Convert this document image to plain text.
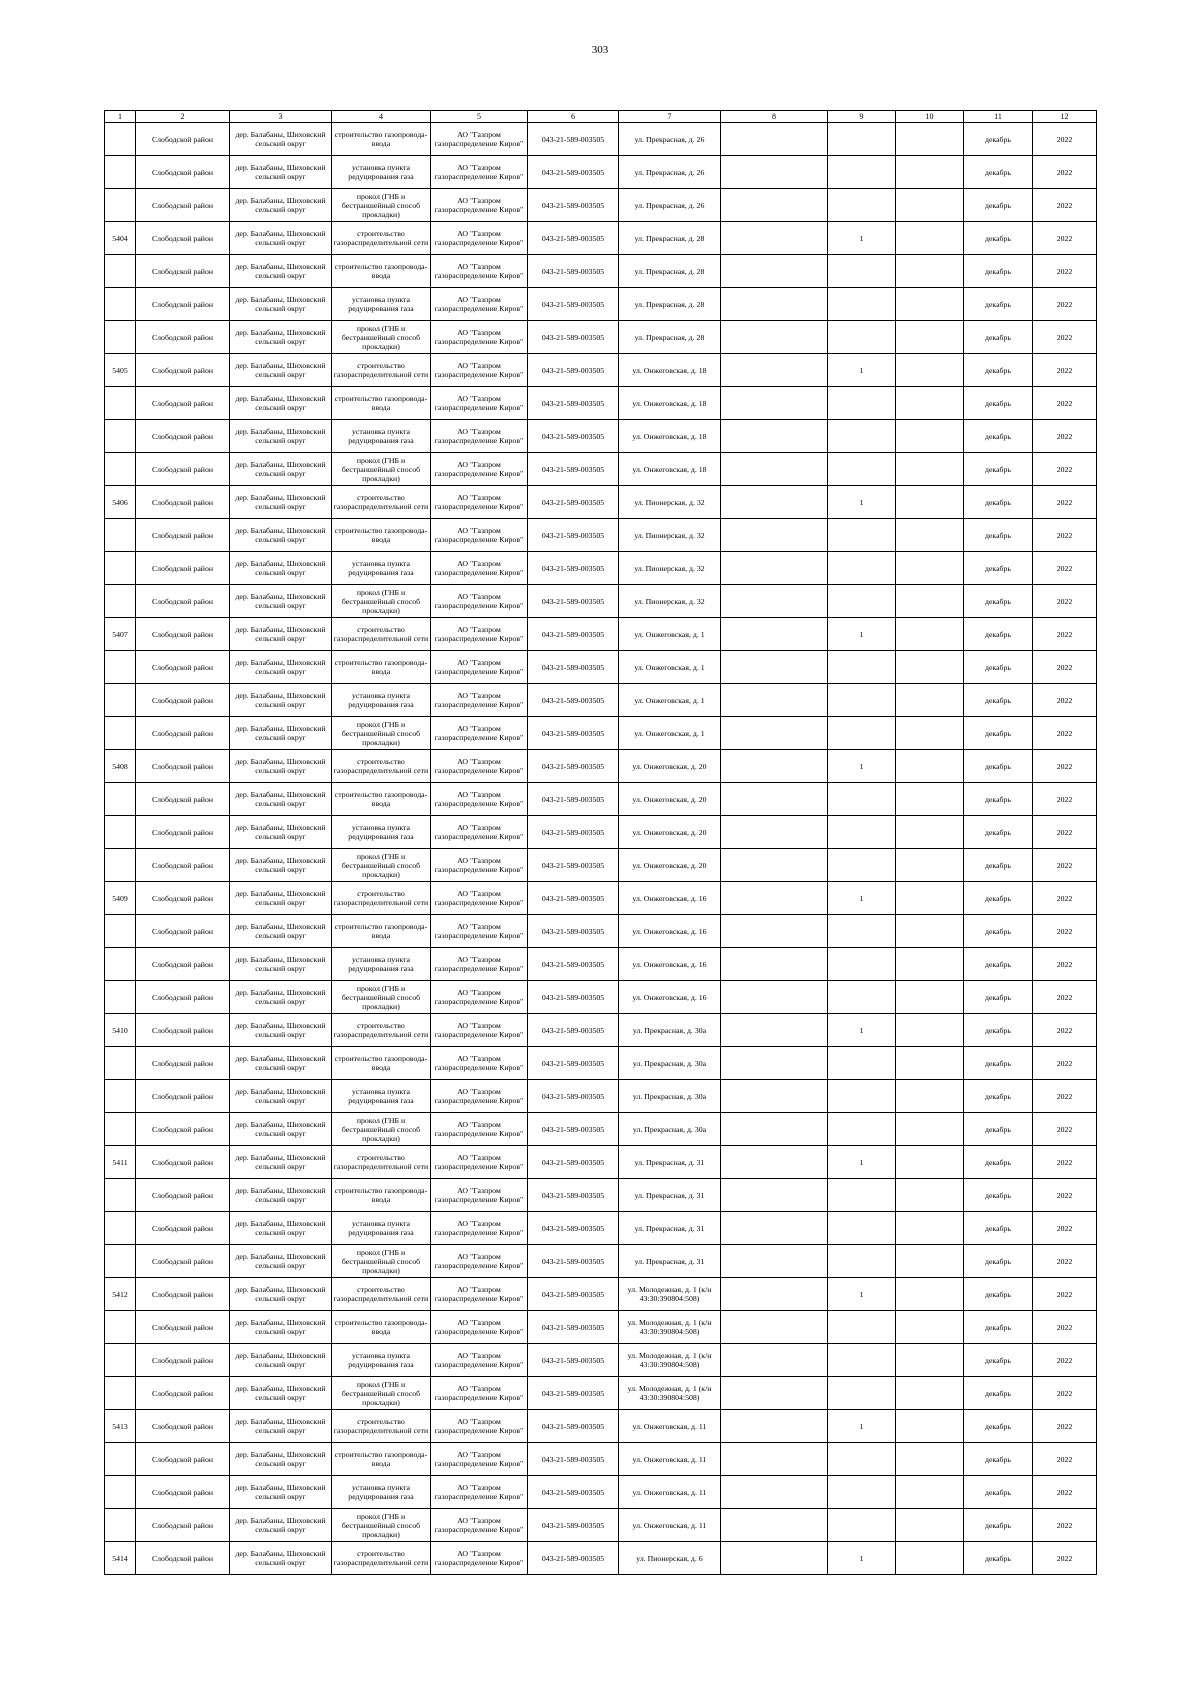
303
1	2	3	4	5	6	7	8	9	10	11	12

	Слободской район	дер. Балабаны, Шиховский сельский округ	строительство газопровода-ввода	АО "Газпром газораспределение Киров"	043-21-589-003505	ул. Прекрасная, д. 26				декабрь	2022

	Слободской район	дер. Балабаны, Шиховский сельский округ	установка пункта редуцирования газа	АО "Газпром газораспределение Киров"	043-21-589-003505	ул. Прекрасная, д. 26				декабрь	2022

	Слободской район	дер. Балабаны, Шиховский сельский округ	прокол (ГНБ и бестраншейный способ прокладки)	АО "Газпром газораспределение Киров"	043-21-589-003505	ул. Прекрасная, д. 26				декабрь	2022

5404	Слободской район	дер. Балабаны, Шиховский сельский округ	строительство газораспределительной сети	АО "Газпром газораспределение Киров"	043-21-589-003505	ул. Прекрасная, д. 28		1		декабрь	2022

	Слободской район	дер. Балабаны, Шиховский сельский округ	строительство газопровода-ввода	АО "Газпром газораспределение Киров"	043-21-589-003505	ул. Прекрасная, д. 28				декабрь	2022

	Слободской район	дер. Балабаны, Шиховский сельский округ	установка пункта редуцирования газа	АО "Газпром газораспределение Киров"	043-21-589-003505	ул. Прекрасная, д. 28				декабрь	2022

	Слободской район	дер. Балабаны, Шиховский сельский округ	прокол (ГНБ и бестраншейный способ прокладки)	АО "Газпром газораспределение Киров"	043-21-589-003505	ул. Прекрасная, д. 28				декабрь	2022

5405	Слободской район	дер. Балабаны, Шиховский сельский округ	строительство газораспределительной сети	АО "Газпром газораспределение Киров"	043-21-589-003505	ул. Онжеговская, д. 18		1		декабрь	2022

	Слободской район	дер. Балабаны, Шиховский сельский округ	строительство газопровода-ввода	АО "Газпром газораспределение Киров"	043-21-589-003505	ул. Онжеговская, д. 18				декабрь	2022

	Слободской район	дер. Балабаны, Шиховский сельский округ	установка пункта редуцирования газа	АО "Газпром газораспределение Киров"	043-21-589-003505	ул. Онжеговская, д. 18				декабрь	2022

	Слободской район	дер. Балабаны, Шиховский сельский округ	прокол (ГНБ и бестраншейный способ прокладки)	АО "Газпром газораспределение Киров"	043-21-589-003505	ул. Онжеговская, д. 18				декабрь	2022

5406	Слободской район	дер. Балабаны, Шиховский сельский округ	строительство газораспределительной сети	АО "Газпром газораспределение Киров"	043-21-589-003505	ул. Пионерская, д. 32		1		декабрь	2022

	Слободской район	дер. Балабаны, Шиховский сельский округ	строительство газопровода-ввода	АО "Газпром газораспределение Киров"	043-21-589-003505	ул. Пионерская, д. 32				декабрь	2022

	Слободской район	дер. Балабаны, Шиховский сельский округ	установка пункта редуцирования газа	АО "Газпром газораспределение Киров"	043-21-589-003505	ул. Пионерская, д. 32				декабрь	2022

	Слободской район	дер. Балабаны, Шиховский сельский округ	прокол (ГНБ и бестраншейный способ прокладки)	АО "Газпром газораспределение Киров"	043-21-589-003505	ул. Пионерская, д. 32				декабрь	2022

5407	Слободской район	дер. Балабаны, Шиховский сельский округ	строительство газораспределительной сети	АО "Газпром газораспределение Киров"	043-21-589-003505	ул. Онжеговская, д. 1		1		декабрь	2022

	Слободской район	дер. Балабаны, Шиховский сельский округ	строительство газопровода-ввода	АО "Газпром газораспределение Киров"	043-21-589-003505	ул. Онжеговская, д. 1				декабрь	2022

	Слободской район	дер. Балабаны, Шиховский сельский округ	установка пункта редуцирования газа	АО "Газпром газораспределение Киров"	043-21-589-003505	ул. Онжеговская, д. 1				декабрь	2022

	Слободской район	дер. Балабаны, Шиховский сельский округ	прокол (ГНБ и бестраншейный способ прокладки)	АО "Газпром газораспределение Киров"	043-21-589-003505	ул. Онжеговская, д. 1				декабрь	2022

5408	Слободской район	дер. Балабаны, Шиховский сельский округ	строительство газораспределительной сети	АО "Газпром газораспределение Киров"	043-21-589-003505	ул. Онжеговская, д. 20		1		декабрь	2022

	Слободской район	дер. Балабаны, Шиховский сельский округ	строительство газопровода-ввода	АО "Газпром газораспределение Киров"	043-21-589-003505	ул. Онжеговская, д. 20				декабрь	2022

	Слободской район	дер. Балабаны, Шиховский сельский округ	установка пункта редуцирования газа	АО "Газпром газораспределение Киров"	043-21-589-003505	ул. Онжеговская, д. 20				декабрь	2022

	Слободской район	дер. Балабаны, Шиховский сельский округ	прокол (ГНБ и бестраншейный способ прокладки)	АО "Газпром газораспределение Киров"	043-21-589-003505	ул. Онжеговская, д. 20				декабрь	2022

5409	Слободской район	дер. Балабаны, Шиховский сельский округ	строительство газораспределительной сети	АО "Газпром газораспределение Киров"	043-21-589-003505	ул. Онжеговская, д. 16		1		декабрь	2022

	Слободской район	дер. Балабаны, Шиховский сельский округ	строительство газопровода-ввода	АО "Газпром газораспределение Киров"	043-21-589-003505	ул. Онжеговская, д. 16				декабрь	2022

	Слободской район	дер. Балабаны, Шиховский сельский округ	установка пункта редуцирования газа	АО "Газпром газораспределение Киров"	043-21-589-003505	ул. Онжеговская, д. 16				декабрь	2022

	Слободской район	дер. Балабаны, Шиховский сельский округ	прокол (ГНБ и бестраншейный способ прокладки)	АО "Газпром газораспределение Киров"	043-21-589-003505	ул. Онжеговская, д. 16				декабрь	2022

5410	Слободской район	дер. Балабаны, Шиховский сельский округ	строительство газораспределительной сети	АО "Газпром газораспределение Киров"	043-21-589-003505	ул. Прекрасная, д. 30а		1		декабрь	2022

	Слободской район	дер. Балабаны, Шиховский сельский округ	строительство газопровода-ввода	АО "Газпром газораспределение Киров"	043-21-589-003505	ул. Прекрасная, д. 30а				декабрь	2022

	Слободской район	дер. Балабаны, Шиховский сельский округ	установка пункта редуцирования газа	АО "Газпром газораспределение Киров"	043-21-589-003505	ул. Прекрасная, д. 30а				декабрь	2022

	Слободской район	дер. Балабаны, Шиховский сельский округ	прокол (ГНБ и бестраншейный способ прокладки)	АО "Газпром газораспределение Киров"	043-21-589-003505	ул. Прекрасная, д. 30а				декабрь	2022

5411	Слободской район	дер. Балабаны, Шиховский сельский округ	строительство газораспределительной сети	АО "Газпром газораспределение Киров"	043-21-589-003505	ул. Прекрасная, д. 31		1		декабрь	2022

	Слободской район	дер. Балабаны, Шиховский сельский округ	строительство газопровода-ввода	АО "Газпром газораспределение Киров"	043-21-589-003505	ул. Прекрасная, д. 31				декабрь	2022

	Слободской район	дер. Балабаны, Шиховский сельский округ	установка пункта редуцирования газа	АО "Газпром газораспределение Киров"	043-21-589-003505	ул. Прекрасная, д. 31				декабрь	2022

	Слободской район	дер. Балабаны, Шиховский сельский округ	прокол (ГНБ и бестраншейный способ прокладки)	АО "Газпром газораспределение Киров"	043-21-589-003505	ул. Прекрасная, д. 31				декабрь	2022

5412	Слободской район	дер. Балабаны, Шиховский сельский округ	строительство газораспределительной сети	АО "Газпром газораспределение Киров"	043-21-589-003505	ул. Молодежная, д. 1 (к/н 43:30:390804:508)		1		декабрь	2022

	Слободской район	дер. Балабаны, Шиховский сельский округ	строительство газопровода-ввода	АО "Газпром газораспределение Киров"	043-21-589-003505	ул. Молодежная, д. 1 (к/н 43:30:390804:508)				декабрь	2022

	Слободской район	дер. Балабаны, Шиховский сельский округ	установка пункта редуцирования газа	АО "Газпром газораспределение Киров"	043-21-589-003505	ул. Молодежная, д. 1 (к/н 43:30:390804:508)				декабрь	2022

	Слободской район	дер. Балабаны, Шиховский сельский округ	прокол (ГНБ и бестраншейный способ прокладки)	АО "Газпром газораспределение Киров"	043-21-589-003505	ул. Молодежная, д. 1 (к/н 43:30:390804:508)				декабрь	2022

5413	Слободской район	дер. Балабаны, Шиховский сельский округ	строительство газораспределительной сети	АО "Газпром газораспределение Киров"	043-21-589-003505	ул. Онжеговская, д. 11		1		декабрь	2022

	Слободской район	дер. Балабаны, Шиховский сельский округ	строительство газопровода-ввода	АО "Газпром газораспределение Киров"	043-21-589-003505	ул. Онжеговская, д. 11				декабрь	2022

	Слободской район	дер. Балабаны, Шиховский сельский округ	установка пункта редуцирования газа	АО "Газпром газораспределение Киров"	043-21-589-003505	ул. Онжеговская, д. 11				декабрь	2022

	Слободской район	дер. Балабаны, Шиховский сельский округ	прокол (ГНБ и бестраншейный способ прокладки)	АО "Газпром газораспределение Киров"	043-21-589-003505	ул. Онжеговская, д. 11				декабрь	2022

5414	Слободской район	дер. Балабаны, Шиховский сельский округ	строительство газораспределительной сети	АО "Газпром газораспределение Киров"	043-21-589-003505	ул. Пионерская, д. 6		1		декабрь	2022
